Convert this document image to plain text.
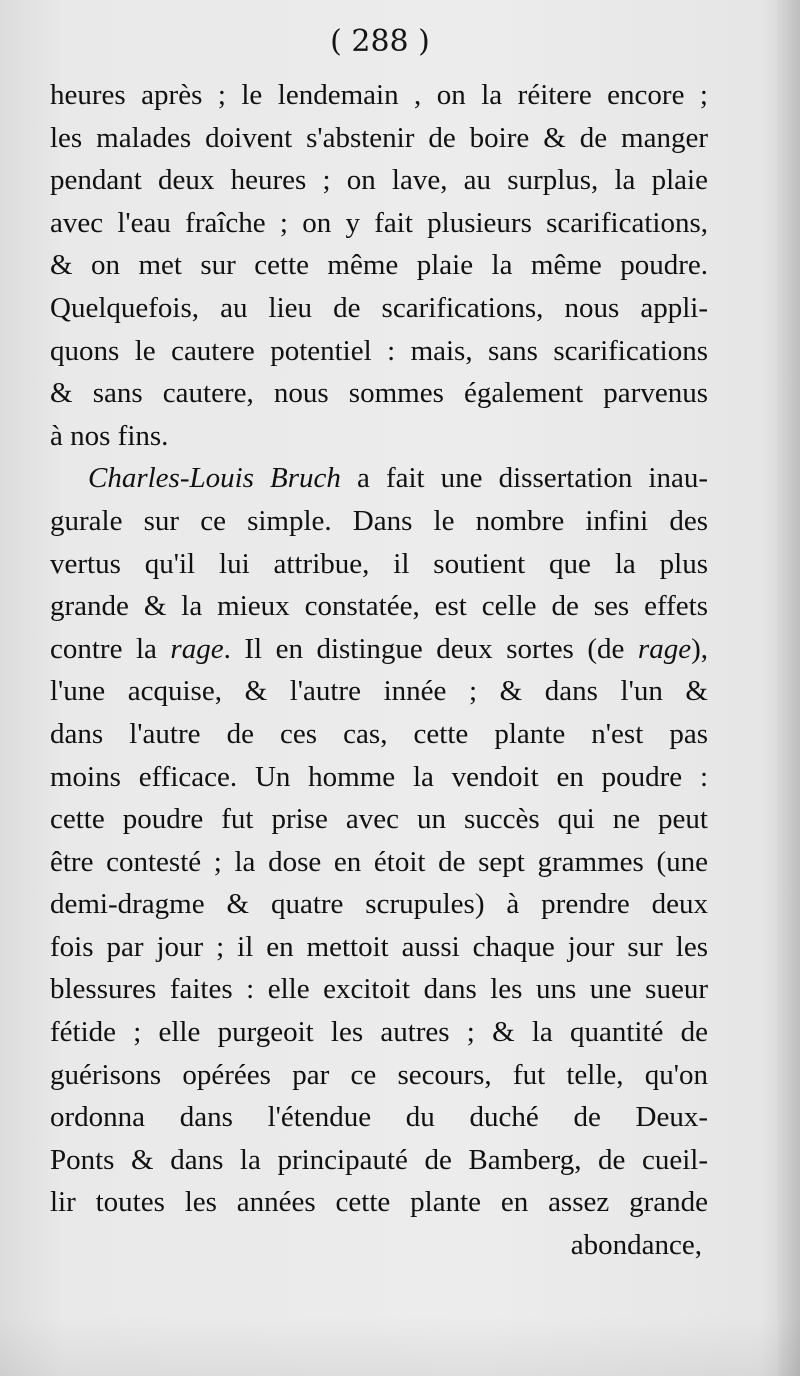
( 288 )
heures après ; le lendemain , on la réitere encore ;
les malades doivent s'abstenir de boire & de manger
pendant deux heures ; on lave, au surplus, la plaie
avec l'eau fraîche ; on y fait plusieurs scarifications,
& on met sur cette même plaie la même poudre.
Quelquefois, au lieu de scarifications, nous appli-
quons le cautere potentiel : mais, sans scarifications
& sans cautere, nous sommes également parvenus
à nos fins.
Charles-Louis Bruch a fait une dissertation inau-
gurale sur ce simple. Dans le nombre infini des
vertus qu'il lui attribue, il soutient que la plus
grande & la mieux constatée, est celle de ses effets
contre la rage. Il en distingue deux sortes (de rage),
l'une acquise, & l'autre innée ; & dans l'un &
dans l'autre de ces cas, cette plante n'est pas
moins efficace. Un homme la vendoit en poudre :
cette poudre fut prise avec un succès qui ne peut
être contesté ; la dose en étoit de sept grammes (une
demi-dragme & quatre scrupules) à prendre deux
fois par jour ; il en mettoit aussi chaque jour sur les
blessures faites : elle excitoit dans les uns une sueur
fétide ; elle purgeoit les autres ; & la quantité de
guérisons opérées par ce secours, fut telle, qu'on
ordonna dans l'étendue du duché de Deux-
Ponts & dans la principauté de Bamberg, de cueil-
lir toutes les années cette plante en assez grande
abondance,
